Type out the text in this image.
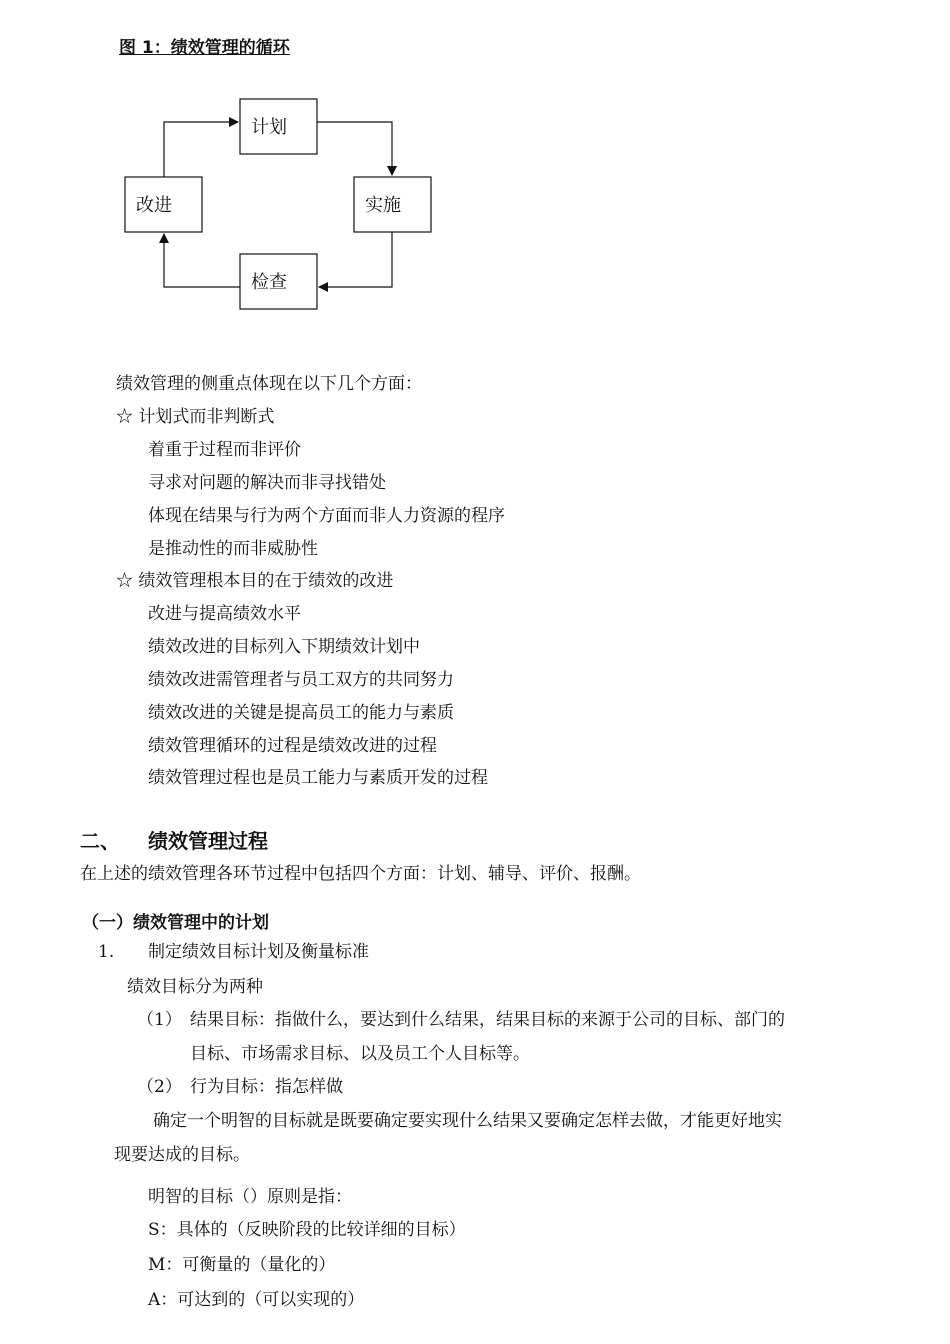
图 1：绩效管理的循环
计划
实施
检查
改进
绩效管理的侧重点体现在以下几个方面：
☆ 计划式而非判断式
着重于过程而非评价
寻求对问题的解决而非寻找错处
体现在结果与行为两个方面而非人力资源的程序
是推动性的而非威胁性
☆ 绩效管理根本目的在于绩效的改进
改进与提高绩效水平
绩效改进的目标列入下期绩效计划中
绩效改进需管理者与员工双方的共同努力
绩效改进的关键是提高员工的能力与素质
绩效管理循环的过程是绩效改进的过程
绩效管理过程也是员工能力与素质开发的过程
二、 绩效管理过程
在上述的绩效管理各环节过程中包括四个方面：计划、辅导、评价、报酬。
（一）绩效管理中的计划
1. 制定绩效目标计划及衡量标准
绩效目标分为两种
（1） 结果目标：指做什么，要达到什么结果，结果目标的来源于公司的目标、部门的
目标、市场需求目标、以及员工个人目标等。
（2） 行为目标：指怎样做
确定一个明智的目标就是既要确定要实现什么结果又要确定怎样去做，才能更好地实
现要达成的目标。
明智的目标（）原则是指：
S：具体的（反映阶段的比较详细的目标）
M：可衡量的（量化的）
A：可达到的（可以实现的）
